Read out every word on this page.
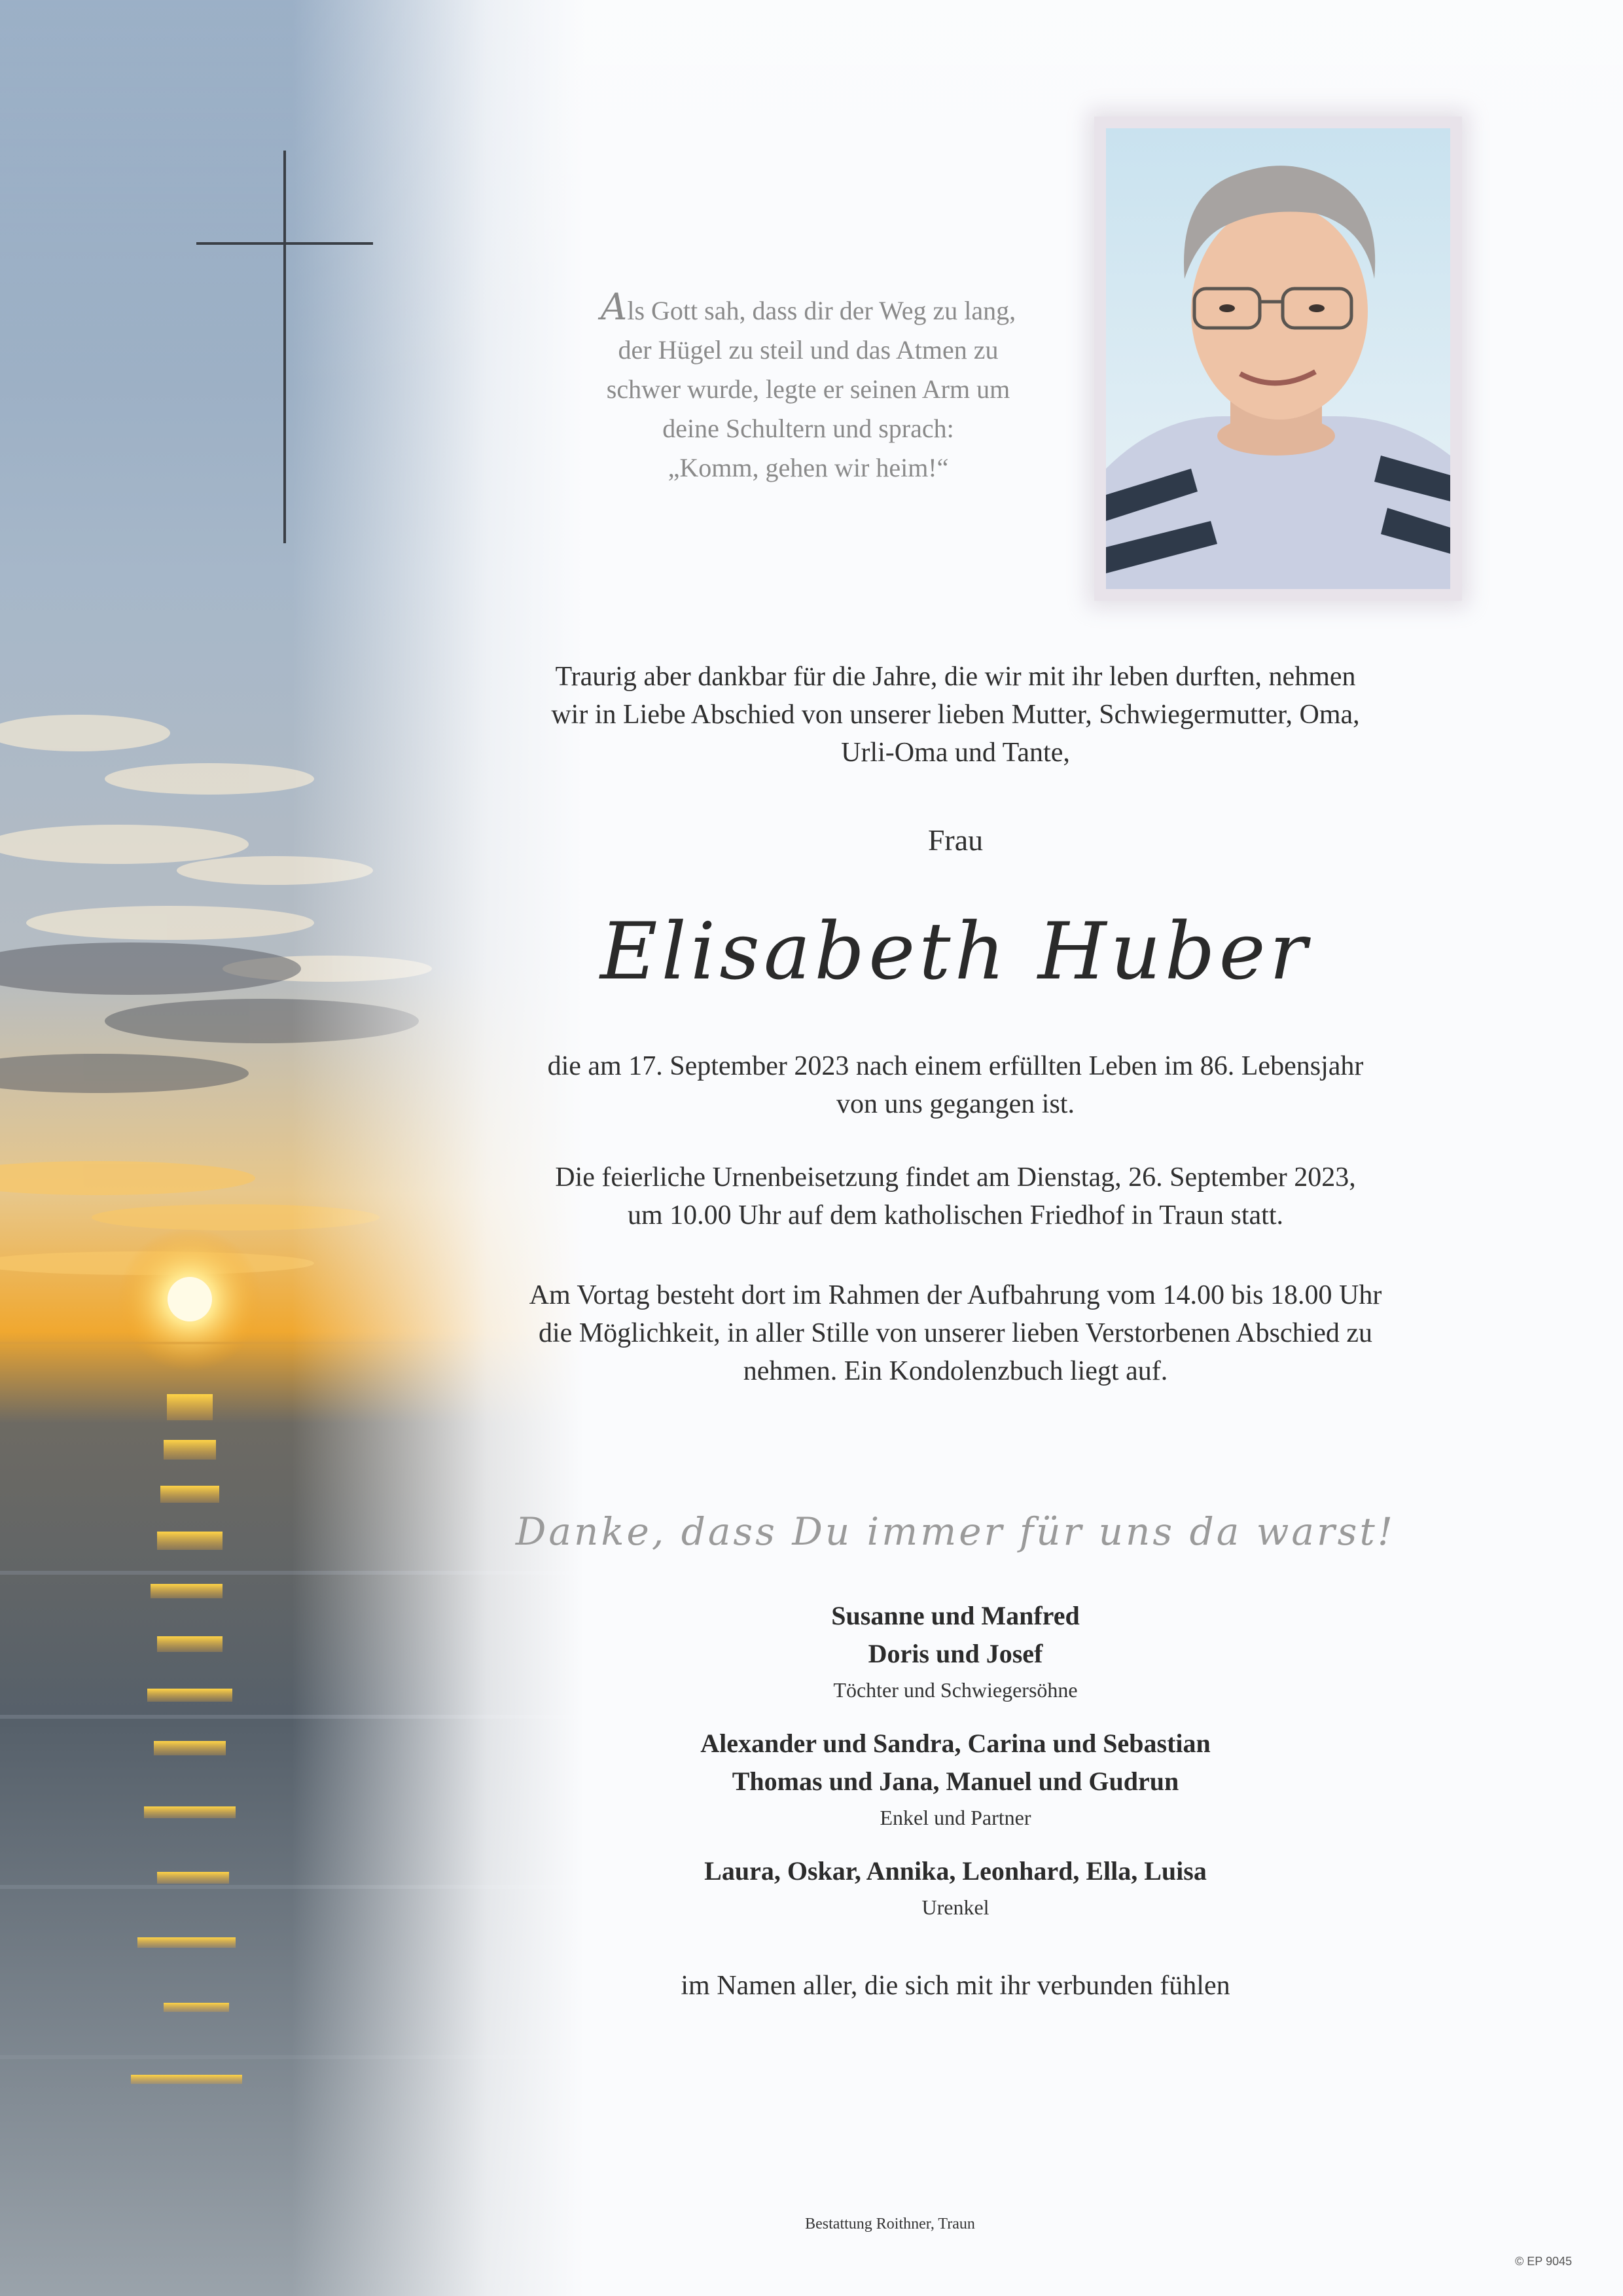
Als Gott sah, dass dir der Weg zu lang,
der Hügel zu steil und das Atmen zu
schwer wurde, legte er seinen Arm um
deine Schultern und sprach:
„Komm, gehen wir heim!“
Traurig aber dankbar für die Jahre, die wir mit ihr leben durften, nehmen
wir in Liebe Abschied von unserer lieben Mutter, Schwiegermutter, Oma,
Urli-Oma und Tante,
Frau
Elisabeth Huber
die am 17. September 2023 nach einem erfüllten Leben im 86. Lebensjahr
von uns gegangen ist.
Die feierliche Urnenbeisetzung findet am Dienstag, 26. September 2023,
um 10.00 Uhr auf dem katholischen Friedhof in Traun statt.
Am Vortag besteht dort im Rahmen der Aufbahrung vom 14.00 bis 18.00 Uhr
die Möglichkeit, in aller Stille von unserer lieben Verstorbenen Abschied zu
nehmen. Ein Kondolenzbuch liegt auf.
Danke, dass Du immer für uns da warst!
Susanne und Manfred
Doris und Josef
Töchter und Schwiegersöhne
Alexander und Sandra, Carina und Sebastian
Thomas und Jana, Manuel und Gudrun
Enkel und Partner
Laura, Oskar, Annika, Leonhard, Ella, Luisa
Urenkel
im Namen aller, die sich mit ihr verbunden fühlen
Bestattung Roithner, Traun
© EP 9045
